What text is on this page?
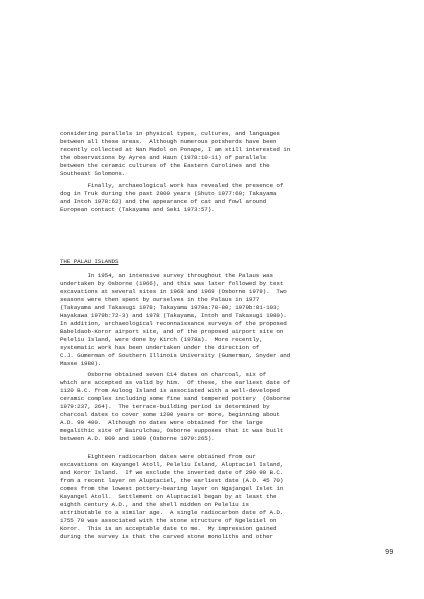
considering parallels in physical types, cultures, and languages
between all these areas.  Although numerous potsherds have been
recently collected at Nan Madol on Ponape, I am still interested in
the observations by Ayres and Haun (1978:10-11) of parallels
between the ceramic cultures of the Eastern Carolines and the
Southeast Solomons.
Finally, archaeological work has revealed the presence of
dog in Truk during the past 2000 years (Shuto 1977:60; Takayama
and Intoh 1978:62) and the appearance of cat and fowl around
European contact (Takayama and Seki 1973:57).
THE PALAU ISLANDS
In 1954, an intensive survey throughout the Palaus was
undertaken by Osborne (1966), and this was later followed by test
excavations at several sites in 1968 and 1969 (Osborne 1979).  Two
seasons were then spent by ourselves in the Palaus in 1977
(Takayama and Takasugi 1978; Takayama 1979a:78-80; 1979b:81-103;
Hayakawa 1979b:72-3) and 1978 (Takayama, Intoh and Takasugi 1980).
In addition, archaeological reconnaissance surveys of the proposed
Babeldaob-Koror airport site, and of the proposed airport site on
Peleliu Island, were done by Kirch (1978a).  More recently,
systematic work has been undertaken under the direction of
C.J. Gumerman of Southern Illinois University (Gumerman, Snyder and
Masse 1980).
Osborne obtained seven C14 dates on charcoal, six of
which are accepted as valid by him.  Of these, the earliest date of
1120 B.C. from Auloog Island is associated with a well-developed
ceramic complex including some fine sand tempered pottery  (Osborne
1979:237, 264).  The terrace-building period is determined by
charcoal dates to cover some 1200 years or more, beginning about
A.D. 90 400.  Although no dates were obtained for the large
megalithic site of Bairulchau, Osborne supposes that it was built
between A.D. 800 and 1000 (Osborne 1979:265).
Eighteen radiocarbon dates were obtained from our
excavations on Kayangel Atoll, Peleliu Island, Aluptaciel Island,
and Koror Island.  If we exclude the inverted date of 290 90 B.C.
from a recent layer on Aluptaciel, the earliest date (A.D. 45 70)
comes from the lowest pottery-bearing layer on Ngajangel Islet in
Kayangel Atoll.  Settlement on Aluptaciel began by at least the
eighth century A.D., and the shell midden on Peleliu is
attributable to a similar age.  A single radiocarbon date of A.D.
1755 70 was associated with the stone structure of Ngeleiiel on
Koror.  This is an acceptable date to me.  My impression gained
during the survey is that the carved stone monoliths and other
99
